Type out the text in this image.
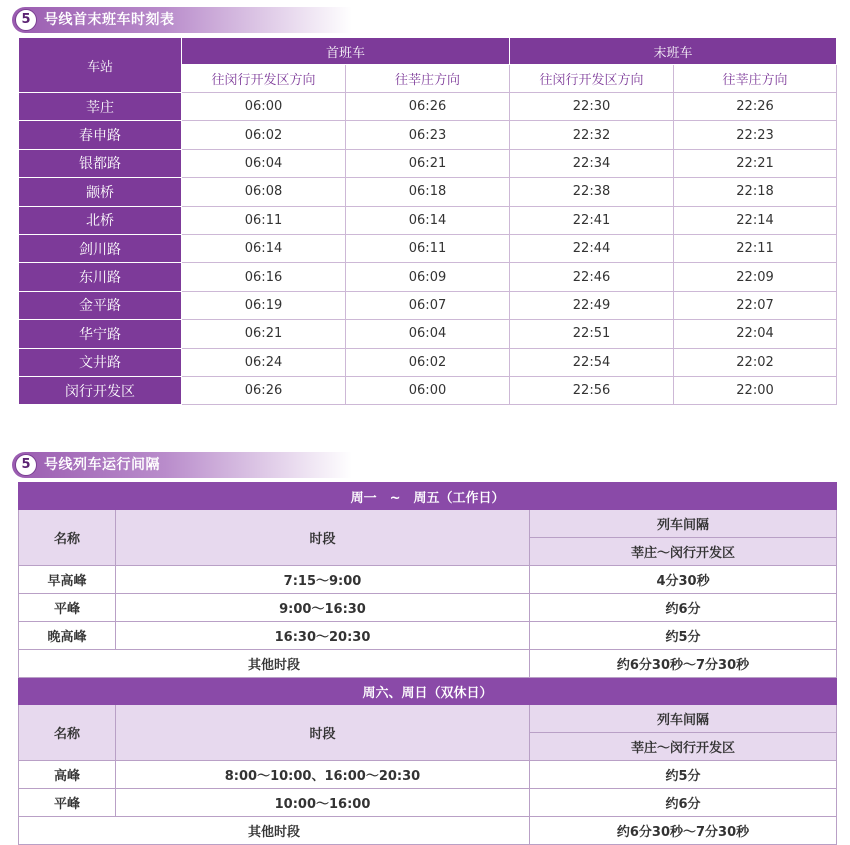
5 号线首末班车时刻表
车站	首班车		末班车	
	往闵行开发区方向	往莘庄方向	往闵行开发区方向	往莘庄方向
莘庄	06:00	06:26	22:30	22:26
春申路	06:02	06:23	22:32	22:23
银都路	06:04	06:21	22:34	22:21
颛桥	06:08	06:18	22:38	22:18
北桥	06:11	06:14	22:41	22:14
剑川路	06:14	06:11	22:44	22:11
东川路	06:16	06:09	22:46	22:09
金平路	06:19	06:07	22:49	22:07
华宁路	06:21	06:04	22:51	22:04
文井路	06:24	06:02	22:54	22:02
闵行开发区	06:26	06:00	22:56	22:00
5 号线列车运行间隔
周一　~　周五（工作日）		
名称	时段	列车间隔
		莘庄～闵行开发区
早高峰	7:15～9:00	4分30秒
平峰	9:00～16:30	约6分
晚高峰	16:30～20:30	约5分
其他时段		约6分30秒～7分30秒
周六、周日（双休日）		
名称	时段	列车间隔
		莘庄～闵行开发区
高峰	8:00～10:00、16:00～20:30	约5分
平峰	10:00～16:00	约6分
其他时段		约6分30秒～7分30秒
